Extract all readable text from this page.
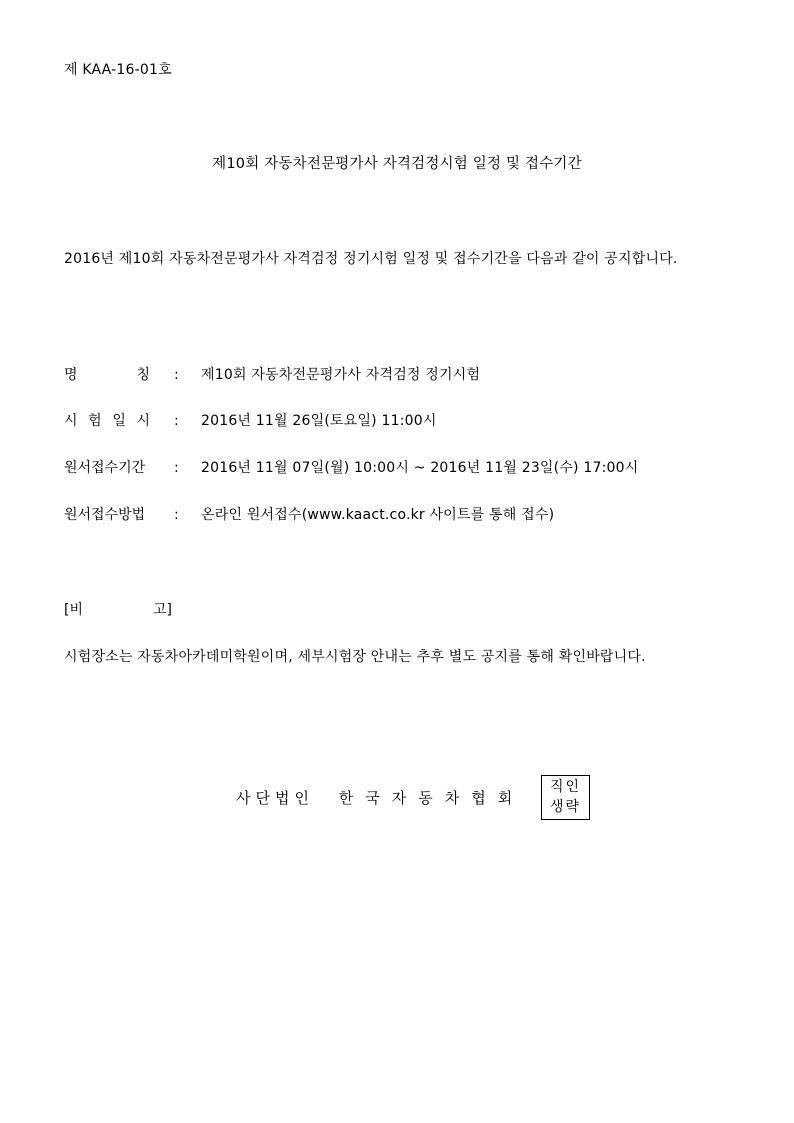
제 KAA-16-01호
제10회 자동차전문평가사 자격검정시험 일정 및 접수기간
2016년 제10회 자동차전문평가사 자격검정 정기시험 일정 및 접수기간을 다음과 같이 공지합니다.
명	칭 : 제10회 자동차전문평가사 자격검정 정기시험
시 험 일 시 : 2016년 11월 26일(토요일) 11:00시
원서접수기간 : 2016년 11월 07일(월) 10:00시 ~ 2016년 11월 23일(수) 17:00시
원서접수방법 : 온라인 원서접수(www.kaact.co.kr 사이트를 통해 접수)
[비	고]
시험장소는 자동차아카데미학원이며, 세부시험장 안내는 추후 별도 공지를 통해 확인바랍니다.
사단법인 한국자동차협회
직인
생략
